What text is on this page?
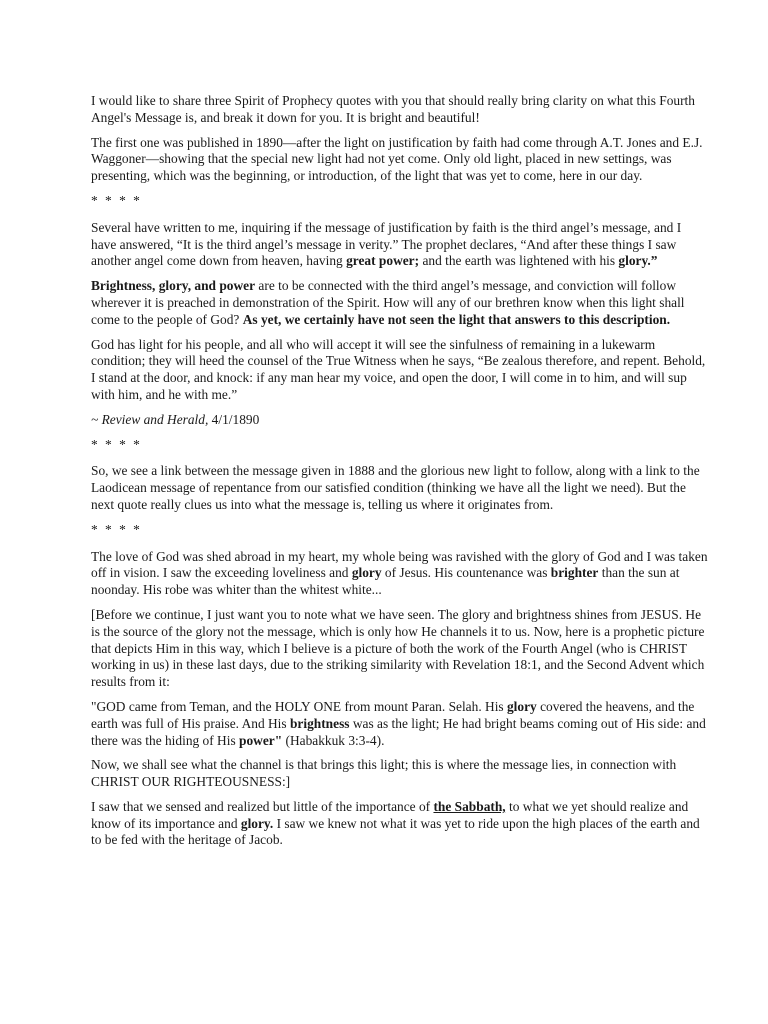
I would like to share three Spirit of Prophecy quotes with you that should really bring clarity on what this Fourth Angel's Message is, and break it down for you. It is bright and beautiful!

The first one was published in 1890—after the light on justification by faith had come through A.T. Jones and E.J. Waggoner—showing that the special new light had not yet come. Only old light, placed in new settings, was presenting, which was the beginning, or introduction, of the light that was yet to come, here in our day.

* * * *

Several have written to me, inquiring if the message of justification by faith is the third angel’s message, and I have answered, “It is the third angel’s message in verity.” The prophet declares, “And after these things I saw another angel come down from heaven, having great power; and the earth was lightened with his glory.”

Brightness, glory, and power are to be connected with the third angel’s message, and conviction will follow wherever it is preached in demonstration of the Spirit. How will any of our brethren know when this light shall come to the people of God? As yet, we certainly have not seen the light that answers to this description.

God has light for his people, and all who will accept it will see the sinfulness of remaining in a lukewarm condition; they will heed the counsel of the True Witness when he says, “Be zealous therefore, and repent. Behold, I stand at the door, and knock: if any man hear my voice, and open the door, I will come in to him, and will sup with him, and he with me.”

~ Review and Herald, 4/1/1890

* * * *

So, we see a link between the message given in 1888 and the glorious new light to follow, along with a link to the Laodicean message of repentance from our satisfied condition (thinking we have all the light we need). But the next quote really clues us into what the message is, telling us where it originates from.

* * * *

The love of God was shed abroad in my heart, my whole being was ravished with the glory of God and I was taken off in vision. I saw the exceeding loveliness and glory of Jesus. His countenance was brighter than the sun at noonday. His robe was whiter than the whitest white...

[Before we continue, I just want you to note what we have seen. The glory and brightness shines from JESUS. He is the source of the glory not the message, which is only how He channels it to us. Now, here is a prophetic picture that depicts Him in this way, which I believe is a picture of both the work of the Fourth Angel (who is CHRIST working in us) in these last days, due to the striking similarity with Revelation 18:1, and the Second Advent which results from it:

"GOD came from Teman, and the HOLY ONE from mount Paran. Selah. His glory covered the heavens, and the earth was full of His praise. And His brightness was as the light; He had bright beams coming out of His side: and there was the hiding of His power" (Habakkuk 3:3-4).

Now, we shall see what the channel is that brings this light; this is where the message lies, in connection with CHRIST OUR RIGHTEOUSNESS:]

I saw that we sensed and realized but little of the importance of the Sabbath, to what we yet should realize and know of its importance and glory. I saw we knew not what it was yet to ride upon the high places of the earth and to be fed with the heritage of Jacob.
